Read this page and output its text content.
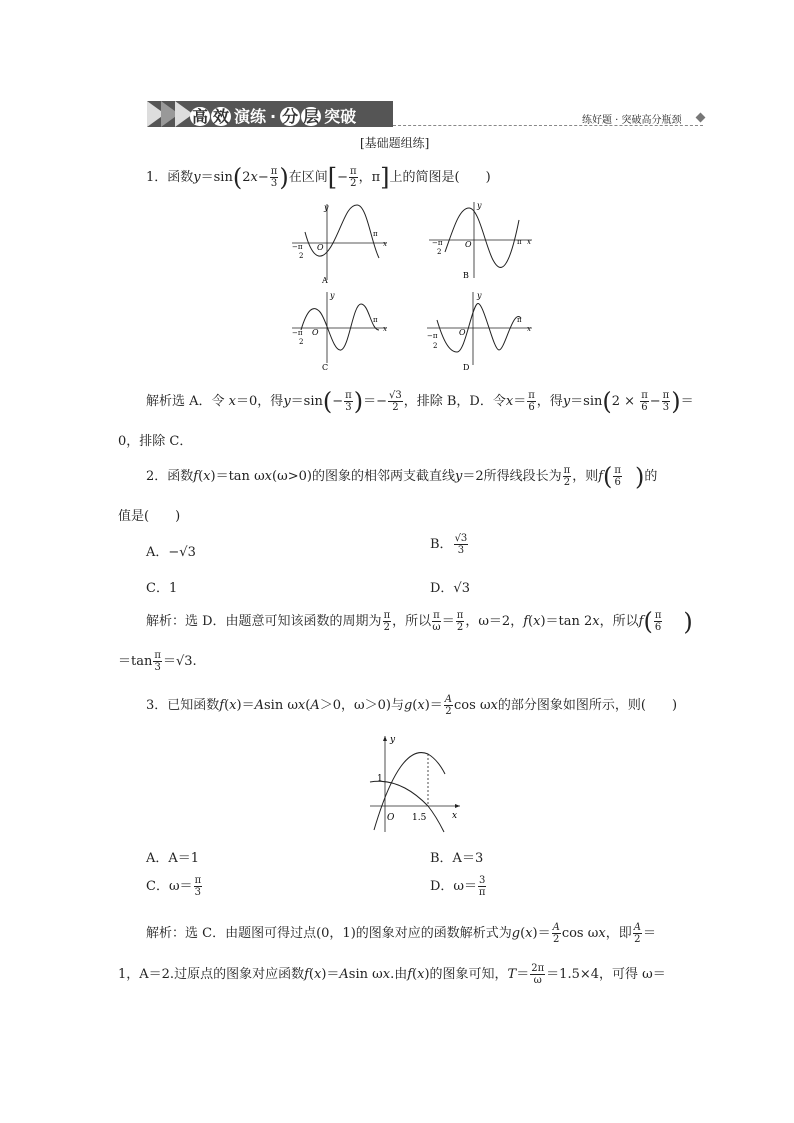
高 效 演练 · 分 层 突破	练好题 · 突破高分瓶颈
[基础题组练]
1．函数$y=\sin(2x- \frac{\pi}{3}$ )在区间[− $\frac{\pi}{2}$ ，π]上的简图是(　　)
y
x
O
−π
2
π
A
y
x
O
−π
2
π
B
y
x
O
−π
2
π
C
y
x
O
−π
2
π
D
解析选 A．令 x＝0，得$y=\sin(- \frac{\pi}{3}$ )＝− $\frac{√3}{2}$ ，排除 B，D．令$x= \frac{\pi}{6}$ ，得$y=\sin(2 \times \frac{\pi}{6} - \frac{\pi}{3}$ )＝
0，排除 C．
2．函数f(x)＝tan ωx(ω>0)的图象的相邻两支截直线y＝2所得线段长为 $\frac{\pi}{2}$ ，则$f( \frac{\pi}{6}$ )的
值是(　　)
A．−√3
B． $\frac{√3}{3}$
C．1	D．√3
解析：选 D．由题意可知该函数的周期为 $\frac{\pi}{2}$ ，所以 $\frac{\pi}{\omega} = \frac{\pi}{2}$ ，ω＝2，f(x)＝tan 2x，所以$f( \frac{\pi}{6}$ )
$=\tan \frac{\pi}{3} =√3$.
3．已知函数f(x)＝Asin ωx(A＞0，ω＞0)与$g(x)= \frac{A}{2}$ cos ωx的部分图象如图所示，则(　　)
y
x
1
O 1.5
A．A＝1	B．A＝3
C．$\omega= \frac{\pi}{3}$	D．$\omega= \frac{3}{\pi}$
解析：选 C．由题图可得过点(0，1)的图象对应的函数解析式为$g(x)= \frac{A}{2}$ cos ωx，即 $\frac{A}{2}$ ＝
1，A＝2.过原点的图象对应函数f(x)＝Asin ωx.由f(x)的图象可知，$T= \frac{2\pi}{\omega} =1.5\times 4$，可得 ω＝
